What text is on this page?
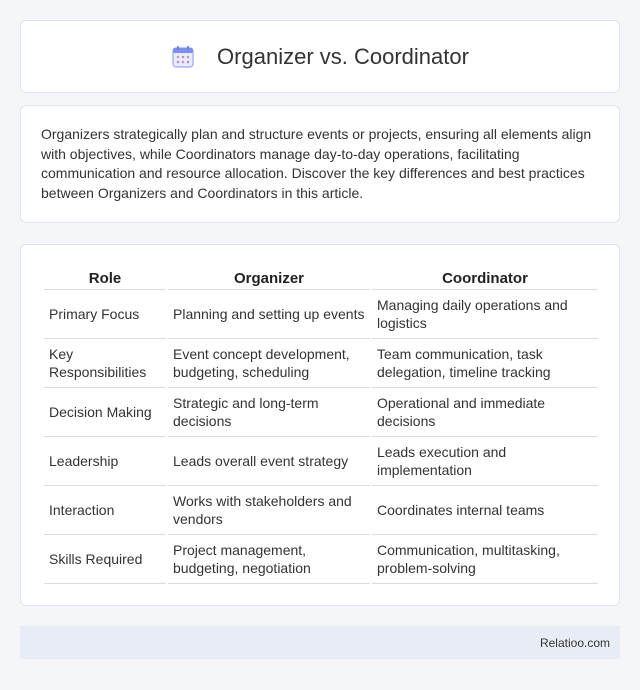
Organizer vs. Coordinator

Organizers strategically plan and structure events or projects, ensuring all elements align with objectives, while Coordinators manage day-to-day operations, facilitating communication and resource allocation. Discover the key differences and best practices between Organizers and Coordinators in this article.

Role	Organizer	Coordinator
Primary Focus	Planning and setting up events	Managing daily operations and logistics
Key Responsibilities	Event concept development, budgeting, scheduling	Team communication, task delegation, timeline tracking
Decision Making	Strategic and long-term decisions	Operational and immediate decisions
Leadership	Leads overall event strategy	Leads execution and implementation
Interaction	Works with stakeholders and vendors	Coordinates internal teams
Skills Required	Project management, budgeting, negotiation	Communication, multitasking, problem-solving
Relatioo.com
